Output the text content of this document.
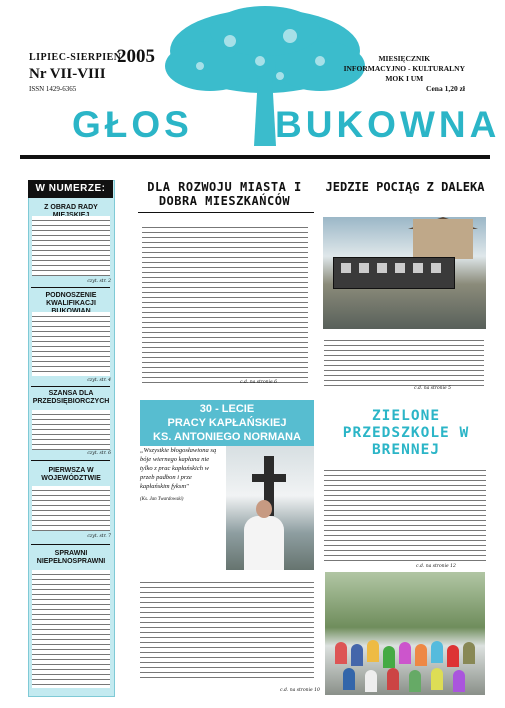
LIPIEC-SIERPIEŃ
2005
Nr VII-VIII
ISSN 1429-6365
MIESIĘCZNIK
INFORMACYJNO - KULTURALNY
MOK I UM
Cena 1,20 zł
GŁOS BUKOWNA
W NUMERZE:
Z OBRAD RADY
czyt. str. 2
PODNOSZENIE KWALIFIKACJI
czyt. str. 4
SZANSA DLA PRZEDSIĘBIORCZYCH
czyt. str. 6
PIERWSZA W WOJEWÓDZTWIE
czyt. str. 7
SPRAWNI NIEPEŁNOSPRAWNI
DLA ROZWOJU MIASTA I DOBRA MIESZKAŃCÓW
c.d. na stronie 6
JEDZIE POCIĄG Z DALEKA
c.d. na stronie 5
30 - LECIE
PRACY KAPŁAŃSKIEJ
KS. ANTONIEGO NORMANA
„Wszystkie błogosławiona są bóje wiernego kapłana nie tylko z prac kapłańskich w przeb padbon i prze kapłańskim fyksm"
(Ks. Jan Twardowski)
c.d. na stronie 10
ZIELONE PRZEDSZKOLE W BRENNEJ
c.d. na stronie 12
